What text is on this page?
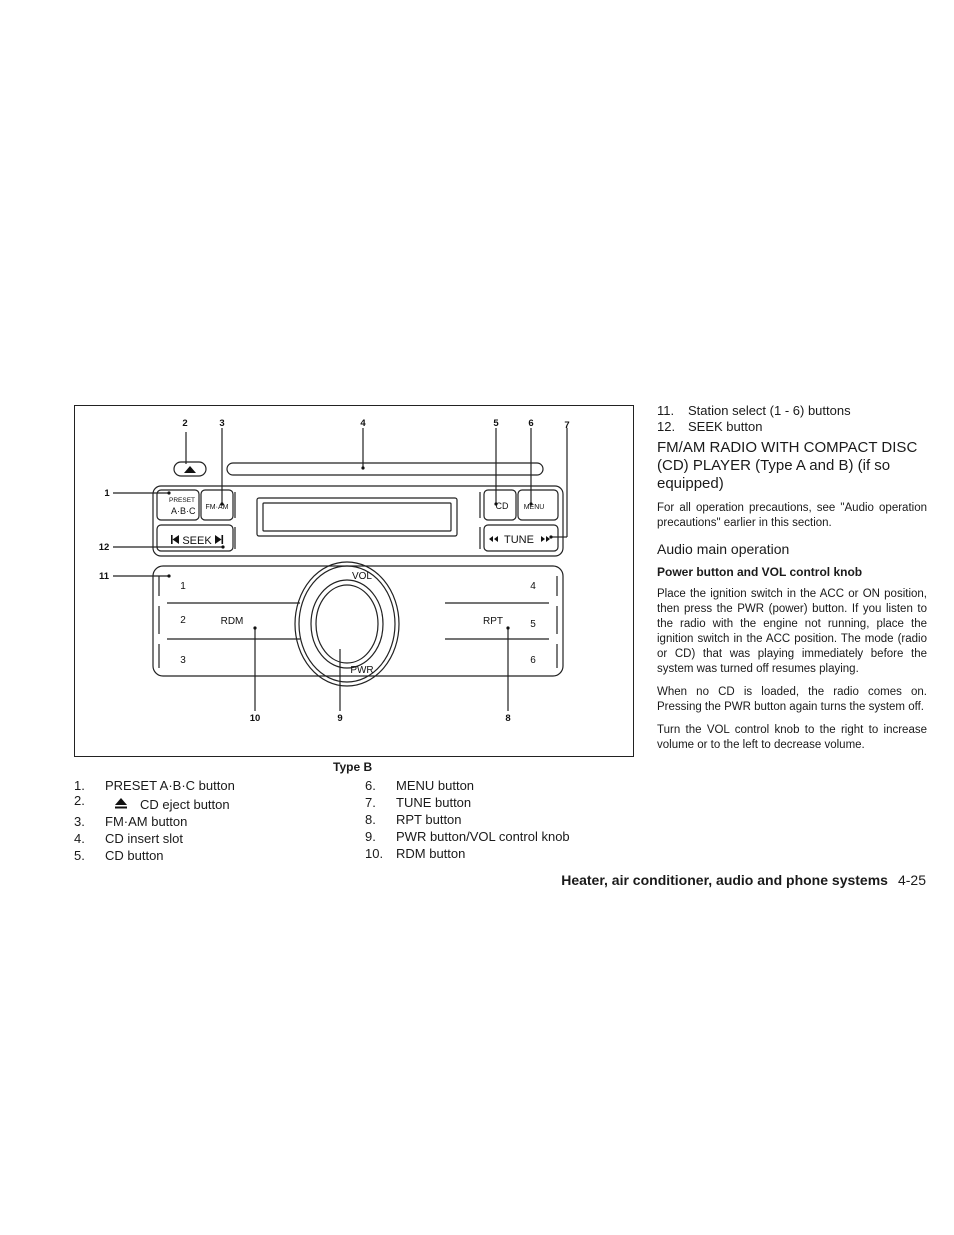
2	3	4	5	6	7
1
12
11
10	9	8
PRESET
A·B·C FM·AM	CD MENU
SEEK	TUNE
VOL
PWR
RDM	RPT
1
2
3
4
5
6
Type B
1. PRESET A·B·C button
2.	CD eject button
3. FM·AM button
4. CD insert slot
5. CD button
6. MENU button
7. TUNE button
8. RPT button
9. PWR button/VOL control knob
10. RDM button
11. Station select (1 - 6) buttons
12. SEEK button
FM/AM RADIO WITH COMPACT DISC (CD) PLAYER (Type A and B) (if so equipped)

For all operation precautions, see "Audio operation precautions" earlier in this section.

Audio main operation
Power button and VOL control knob

Place the ignition switch in the ACC or ON position, then press the PWR (power) button. If you listen to the radio with the engine not running, place the ignition switch in the ACC position. The mode (radio or CD) that was playing immediately before the system was turned off resumes playing.

When no CD is loaded, the radio comes on. Pressing the PWR button again turns the system off.

Turn the VOL control knob to the right to increase volume or to the left to decrease volume.

Heater, air conditioner, audio and phone systems 4-25
